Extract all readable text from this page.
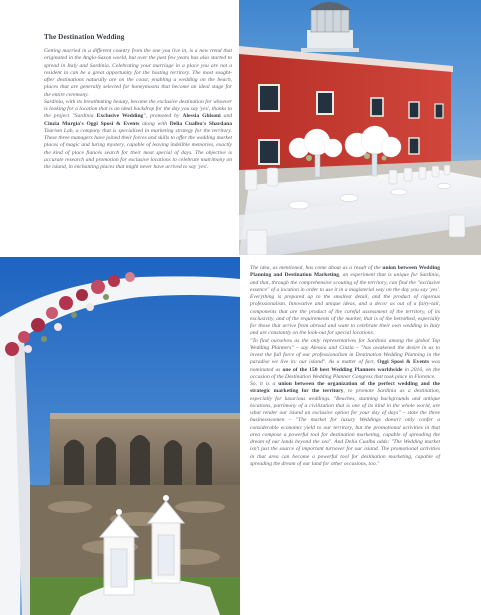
The Destination Wedding

Getting married in a different country from the one you live in, is a new trend that originated in the Anglo-Saxon world, but over the past few years has also started to spread in Italy and Sardinia. Celebrating your marriage in a place you are not a resident in can be a great opportunity for the hosting territory. The most sought-after destinations naturally are on the coast, enabling a wedding on the beach, places that are generally selected for honeymoons that become an ideal stage for the entire ceremony.

Sardinia, with its breathtaking beauty, became the exclusive destination for whoever is looking for a location that is an ideal backdrop for the day you say 'yes', thanks to the project "Sardinia Exclusive Wedding", promoted by Alessia Ghisoni and Cinzia Murgia's Oggi Sposi & Events along with Delia Cualbu's Shardana Tourism Lab, a company that is specialized in marketing strategy for the territory. These three managers have joined their forces and skills to offer the wedding market places of magic and luring mystery, capable of leaving indelible memories, exactly the kind of place fiancés search for their most special of days. The objective is accurate research and promotion for exclusive locations to celebrate matrimony on the island, in enchanting places that might never have arrived to say 'yes'.

The idea, as mentioned, has come about as a result of the union between Wedding Planning and Destination Marketing, an experiment that is unique for Sardinia, and that, through the comprehensive scouting of the territory, can find the "exclusive essence" of a location in order to use it in a magisterial way on the day you say 'yes'. Everything is prepared up to the smallest detail, and the product of rigorous professionalism. Innovative and unique ideas, and a decor as out of a fairy-tail, components that are the product of the careful assessment of the territory, of its exclusivity, and of the requirements of the market, that is of the betrothed, especially for those that arrive from abroad and want to celebrate their own wedding in Italy and are constantly on the look-out for special locations.

"To find ourselves as the only representatives for Sardinia among the global Top Wedding Planners" – say Alessia and Cinzia – "has awakened the desire in us to invest the full force of our professionalism in Destination Wedding Planning in the paradise we live in: our island". As a matter of fact, Oggi Sposi & Events was nominated as one of the 150 best Wedding Planners worldwide in 2016, on the occasion of the Destination Wedding Planner Congress that took place in Florence.

So, it is a union between the organization of the perfect wedding and the strategic marketing for the territory, to promote Sardinia as a destination, especially for luxurious weddings. "Beaches, stunning backgrounds and antique locations, patrimony of a civilization that is one of its kind in the whole world, are what render our island an exclusive option for your day of days" – state the three businesswomen – "The market for luxury Weddings doesn't only confer a considerable economic yield to our territory, but the promotional activities in that area compose a powerful tool for destination marketing, capable of spreading the dream of our lands beyond the sea". And Delia Cualbu adds: "The Wedding market isn't just the source of important turnover for our island. The promotional activities in that area can become a powerful tool for destination marketing, capable of spreading the dream of our land for other occasions, too."
